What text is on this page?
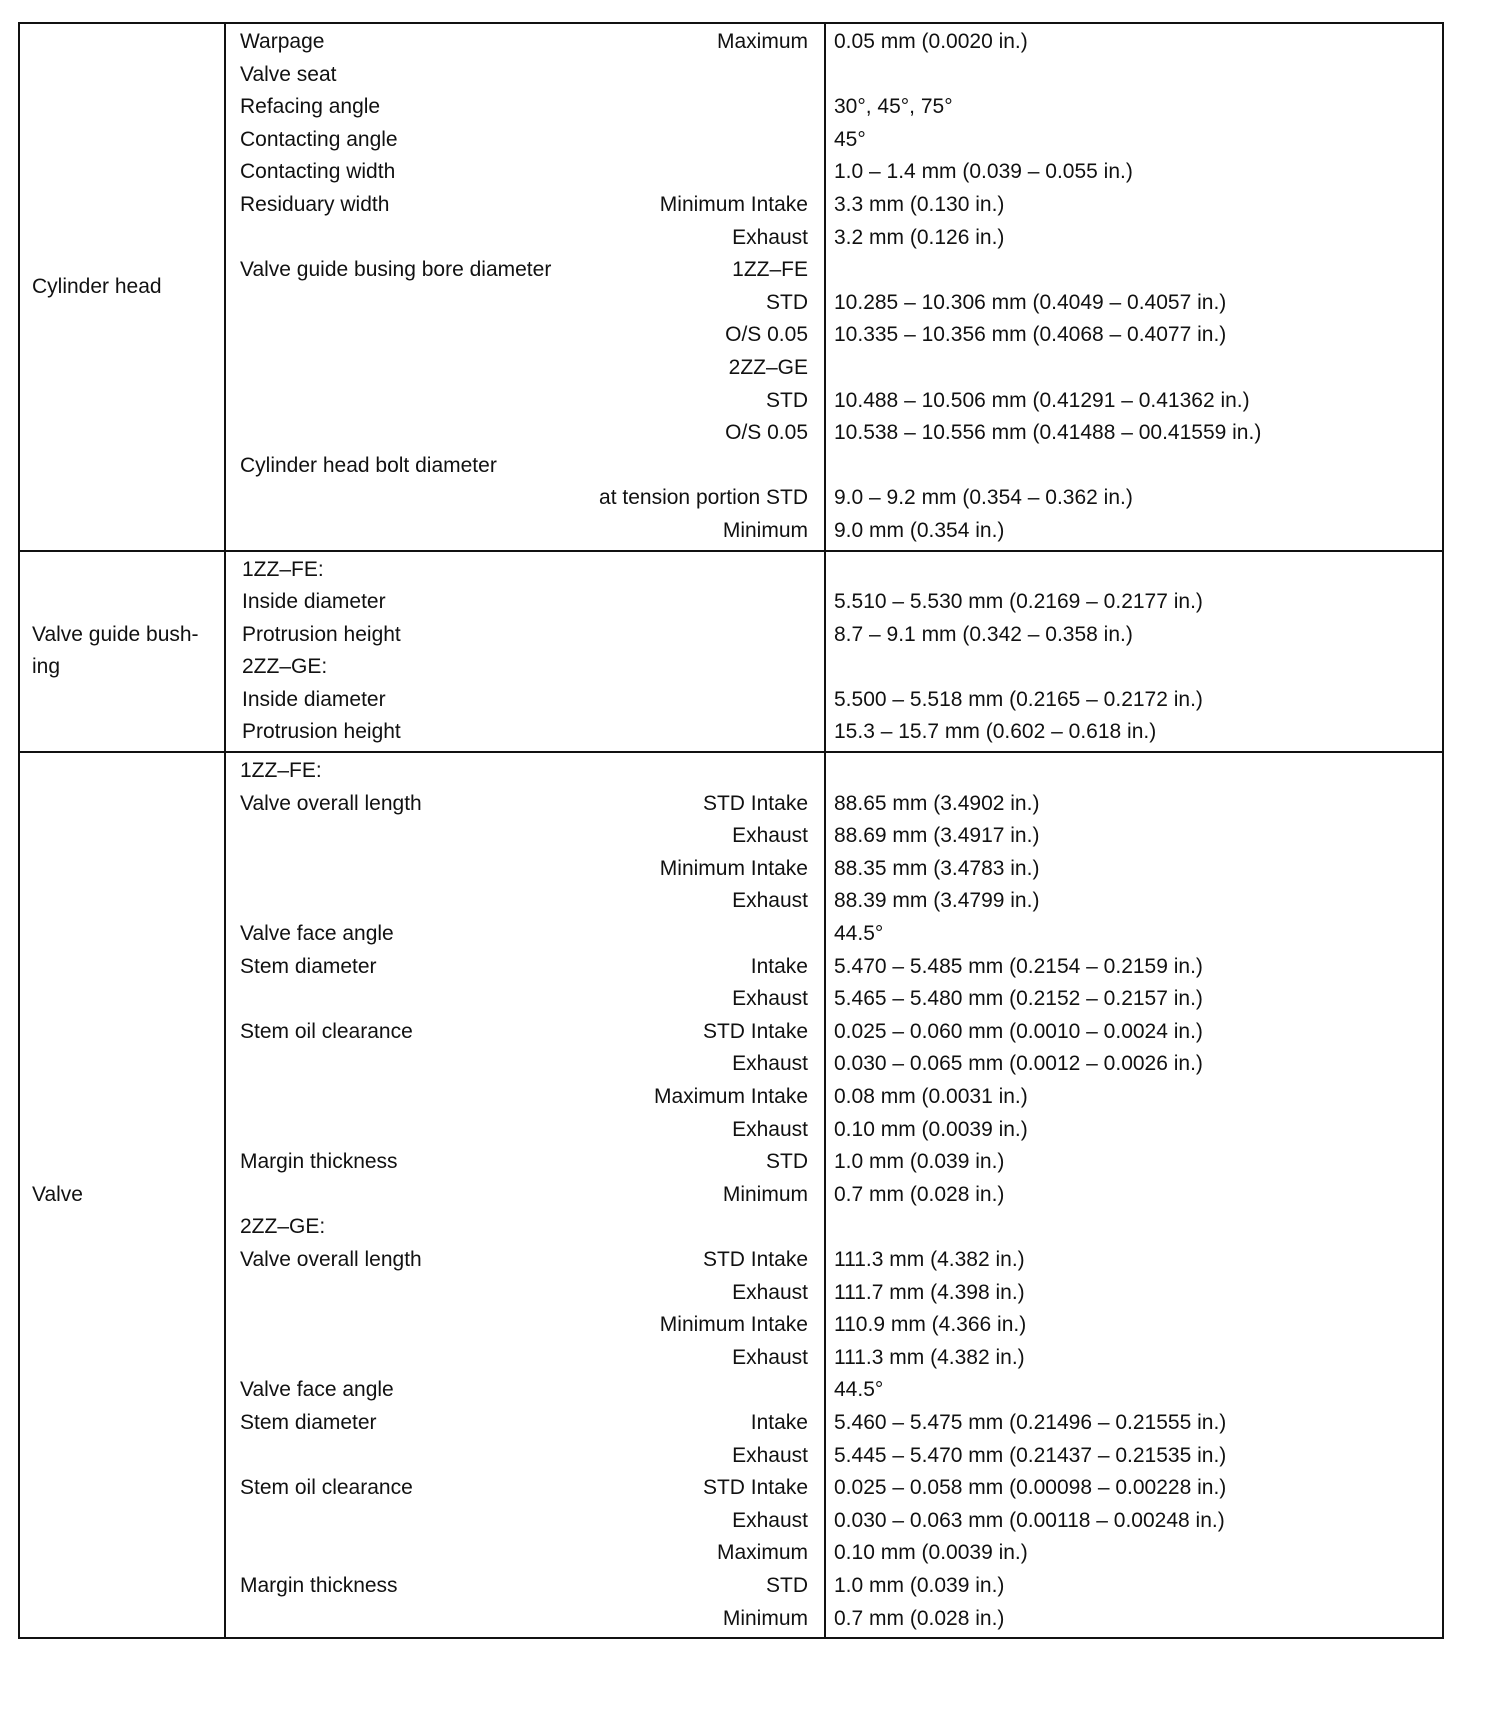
Cylinder head
Warpage	Maximum 0.05 mm (0.0020 in.)
Valve seat
Refacing angle	30°, 45°, 75°
Contacting angle	45°
Contacting width	1.0 – 1.4 mm (0.039 – 0.055 in.)
Residuary width	Minimum Intake 3.3 mm (0.130 in.)
Exhaust 3.2 mm (0.126 in.)
Valve guide busing bore diameter	1ZZ–FE
STD 10.285 – 10.306 mm (0.4049 – 0.4057 in.)
O/S 0.05 10.335 – 10.356 mm (0.4068 – 0.4077 in.)
2ZZ–GE
STD 10.488 – 10.506 mm (0.41291 – 0.41362 in.)
O/S 0.05 10.538 – 10.556 mm (0.41488 – 00.41559 in.)
Cylinder head bolt diameter
at tension portion STD 9.0 – 9.2 mm (0.354 – 0.362 in.)
Minimum 9.0 mm (0.354 in.)
Valve guide bush-
ing
1ZZ–FE:
Inside diameter	5.510 – 5.530 mm (0.2169 – 0.2177 in.)
Protrusion height	8.7 – 9.1 mm (0.342 – 0.358 in.)
2ZZ–GE:
Inside diameter	5.500 – 5.518 mm (0.2165 – 0.2172 in.)
Protrusion height	15.3 – 15.7 mm (0.602 – 0.618 in.)
Valve
1ZZ–FE:
Valve overall length	STD Intake 88.65 mm (3.4902 in.)
Exhaust 88.69 mm (3.4917 in.)
Minimum Intake 88.35 mm (3.4783 in.)
Exhaust 88.39 mm (3.4799 in.)
Valve face angle	44.5°
Stem diameter	Intake 5.470 – 5.485 mm (0.2154 – 0.2159 in.)
Exhaust 5.465 – 5.480 mm (0.2152 – 0.2157 in.)
Stem oil clearance	STD Intake 0.025 – 0.060 mm (0.0010 – 0.0024 in.)
Exhaust 0.030 – 0.065 mm (0.0012 – 0.0026 in.)
Maximum Intake 0.08 mm (0.0031 in.)
Exhaust 0.10 mm (0.0039 in.)
Margin thickness	STD 1.0 mm (0.039 in.)
Minimum 0.7 mm (0.028 in.)
2ZZ–GE:
Valve overall length	STD Intake 111.3 mm (4.382 in.)
Exhaust 111.7 mm (4.398 in.)
Minimum Intake 110.9 mm (4.366 in.)
Exhaust 111.3 mm (4.382 in.)
Valve face angle	44.5°
Stem diameter	Intake 5.460 – 5.475 mm (0.21496 – 0.21555 in.)
Exhaust 5.445 – 5.470 mm (0.21437 – 0.21535 in.)
Stem oil clearance	STD Intake 0.025 – 0.058 mm (0.00098 – 0.00228 in.)
Exhaust 0.030 – 0.063 mm (0.00118 – 0.00248 in.)
Maximum 0.10 mm (0.0039 in.)
Margin thickness	STD 1.0 mm (0.039 in.)
Minimum 0.7 mm (0.028 in.)
